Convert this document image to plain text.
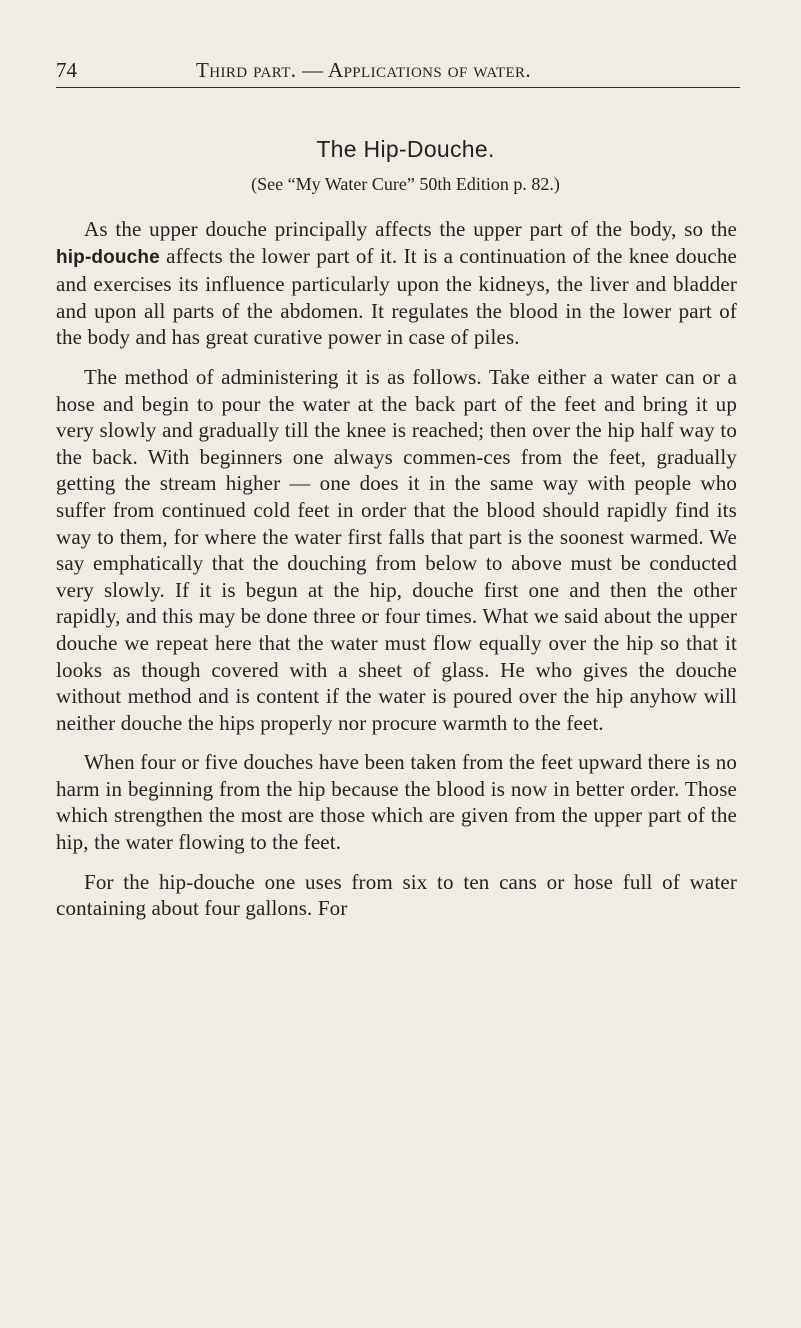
74	Third part. — Applications of water.
The Hip-Douche.
(See “My Water Cure” 50th Edition p. 82.)

As the upper douche principally affects the upper part of the body, so the hip-douche affects the lower part of it. It is a continuation of the knee douche and exercises its influence particularly upon the kidneys, the liver and bladder and upon all parts of the abdomen. It regulates the blood in the lower part of the body and has great curative power in case of piles.

The method of administering it is as follows. Take either a water can or a hose and begin to pour the water at the back part of the feet and bring it up very slowly and gradually till the knee is reached; then over the hip half way to the back. With beginners one always commen-ces from the feet, gradually getting the stream higher — one does it in the same way with people who suffer from continued cold feet in order that the blood should rapidly find its way to them, for where the water first falls that part is the soonest warmed. We say emphatically that the douching from below to above must be conducted very slowly. If it is begun at the hip, douche first one and then the other rapidly, and this may be done three or four times. What we said about the upper douche we repeat here that the water must flow equally over the hip so that it looks as though covered with a sheet of glass. He who gives the douche without method and is content if the water is poured over the hip anyhow will neither douche the hips properly nor procure warmth to the feet.

When four or five douches have been taken from the feet upward there is no harm in beginning from the hip because the blood is now in better order. Those which strengthen the most are those which are given from the upper part of the hip, the water flowing to the feet.

For the hip-douche one uses from six to ten cans or hose full of water containing about four gallons. For
